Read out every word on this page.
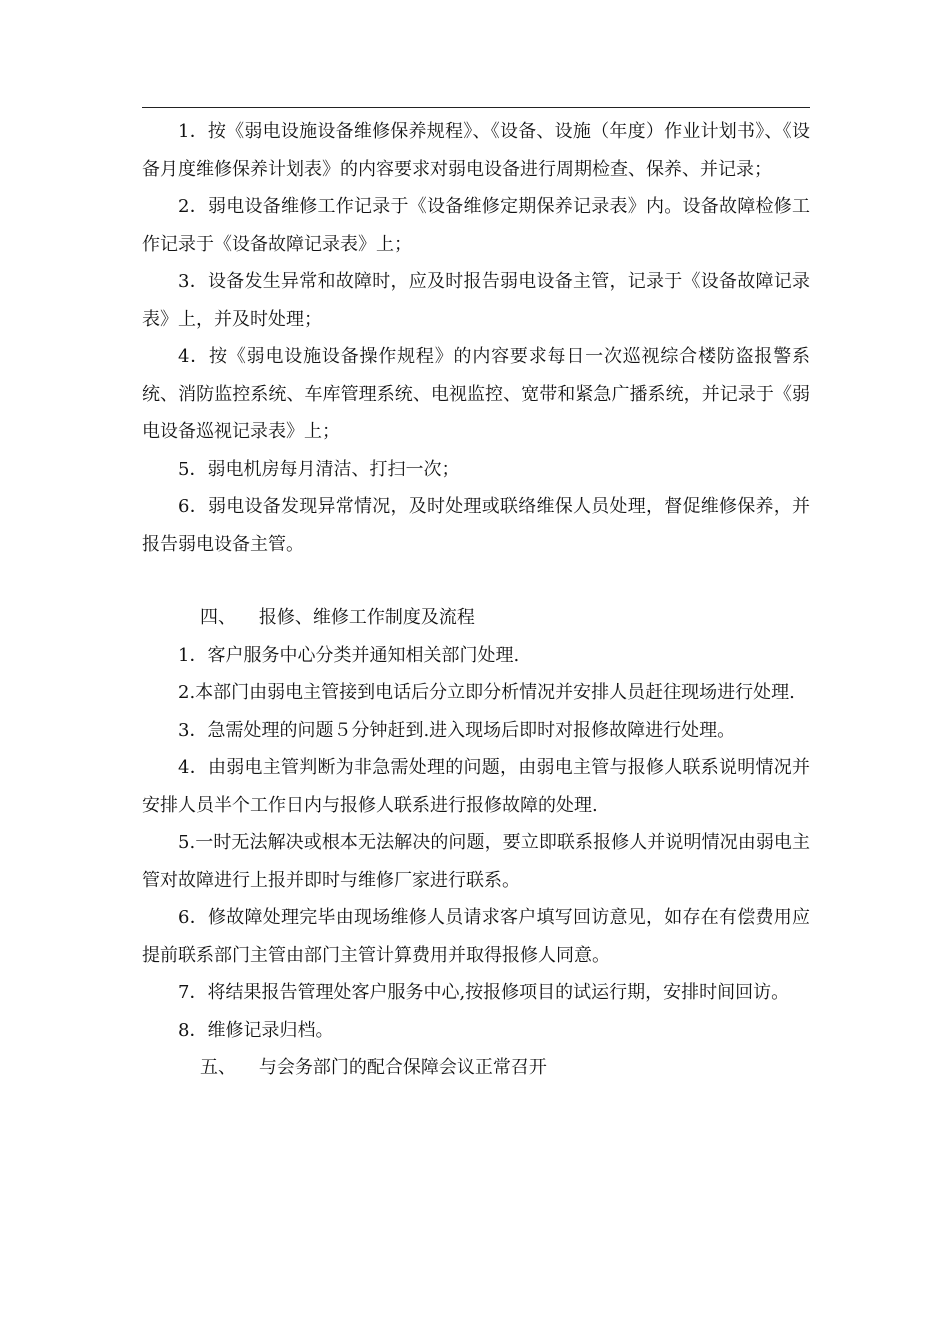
1．按《弱电设施设备维修保养规程》、《设备、设施（年度）作业计划书》、《设备月度维修保养计划表》的内容要求对弱电设备进行周期检查、保养、并记录；

2．弱电设备维修工作记录于《设备维修定期保养记录表》内。设备故障检修工作记录于《设备故障记录表》上；

3．设备发生异常和故障时，应及时报告弱电设备主管，记录于《设备故障记录表》上，并及时处理；

4．按《弱电设施设备操作规程》的内容要求每日一次巡视综合楼防盗报警系统、消防监控系统、车库管理系统、电视监控、宽带和紧急广播系统，并记录于《弱电设备巡视记录表》上；

5．弱电机房每月清洁、打扫一次；

6．弱电设备发现异常情况，及时处理或联络维保人员处理，督促维修保养，并报告弱电设备主管。

四、    报修、维修工作制度及流程

1．客户服务中心分类并通知相关部门处理.

2.本部门由弱电主管接到电话后分立即分析情况并安排人员赶往现场进行处理.

3．急需处理的问题５分钟赶到.进入现场后即时对报修故障进行处理。

4．由弱电主管判断为非急需处理的问题，由弱电主管与报修人联系说明情况并安排人员半个工作日内与报修人联系进行报修故障的处理.

5.一时无法解决或根本无法解决的问题，要立即联系报修人并说明情况由弱电主管对故障进行上报并即时与维修厂家进行联系。

6．修故障处理完毕由现场维修人员请求客户填写回访意见，如存在有偿费用应提前联系部门主管由部门主管计算费用并取得报修人同意。

7．将结果报告管理处客户服务中心,按报修项目的试运行期，安排时间回访。

8．维修记录归档。

五、    与会务部门的配合保障会议正常召开
